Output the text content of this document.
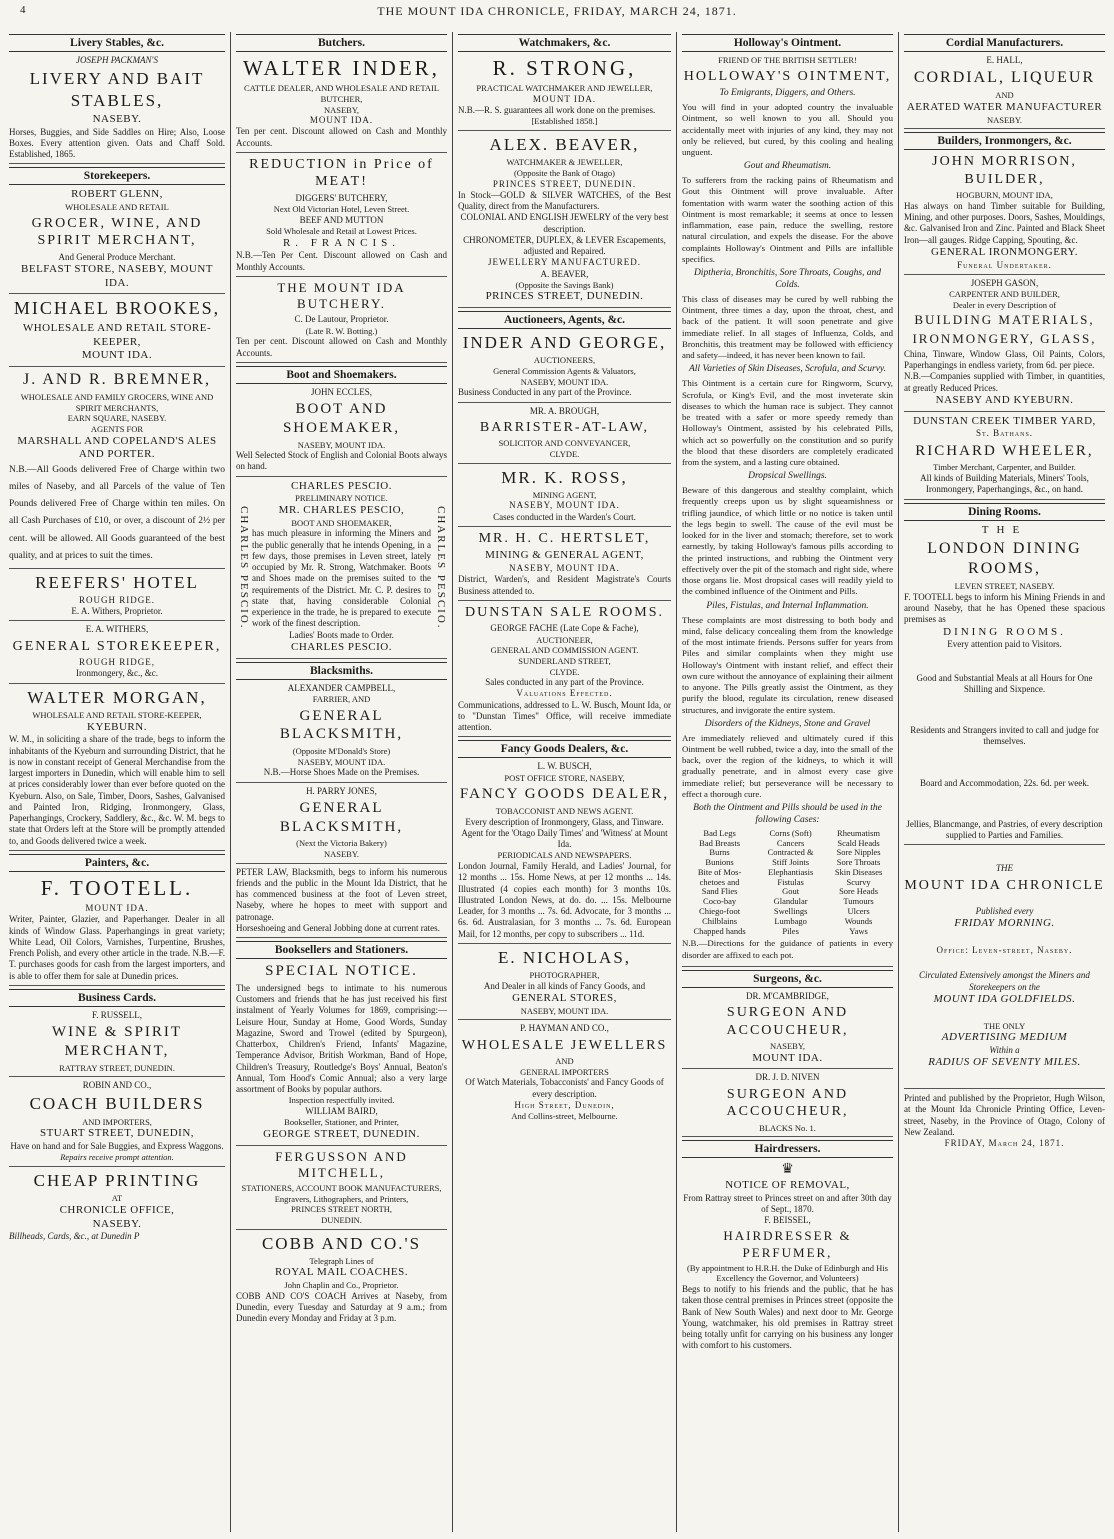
4	THE MOUNT IDA CHRONICLE, FRIDAY, MARCH 24, 1871.
Livery Stables, &c.
JOSEPH PACKMAN'S
LIVERY AND BAIT STABLES,
NASEBY.
Horses, Buggies, and Side Saddles on Hire; Also, Loose Boxes. Every attention given. Oats and Chaff Sold. Established, 1865.
Storekeepers.
ROBERT GLENN,
WHOLESALE AND RETAIL
GROCER, WINE, AND SPIRIT MERCHANT,
And General Produce Merchant.
BELFAST STORE, NASEBY, MOUNT IDA.
MICHAEL BROOKES,
WHOLESALE AND RETAIL STORE-KEEPER,
MOUNT IDA.
J. AND R. BREMNER,
WHOLESALE AND FAMILY GROCERS, WINE AND SPIRIT MERCHANTS,
EARN SQUARE, NASEBY.
AGENTS FOR
MARSHALL AND COPELAND'S ALES AND PORTER.
N.B.—All Goods delivered Free of Charge within two miles of Naseby, and all Parcels of the value of Ten Pounds delivered Free of Charge within ten miles. On all Cash Purchases of £10, or over, a discount of 2½ per cent. will be allowed. All Goods guaranteed of the best quality, and at prices to suit the times.
REEFERS' HOTEL
ROUGH RIDGE.
E. A. Withers, Proprietor.
E. A. WITHERS,
GENERAL STOREKEEPER,
ROUGH RIDGE,
Ironmongery, &c., &c.
WALTER MORGAN,
WHOLESALE AND RETAIL STORE-KEEPER,
KYEBURN.
W. M., in soliciting a share of the trade, begs to inform the inhabitants of the Kyeburn and surrounding District, that he is now in constant receipt of General Merchandise from the largest importers in Dunedin, which will enable him to sell at prices considerably lower than ever before quoted on the Kyeburn. Also, on Sale, Timber, Doors, Sashes, Galvanised and Painted Iron, Ridging, Ironmongery, Glass, Paperhangings, Crockery, Saddlery, &c., &c. W. M. begs to state that Orders left at the Store will be promptly attended to, and Goods delivered twice a week.
Painters, &c.
F. TOOTELL.
MOUNT IDA.
Writer, Painter, Glazier, and Paperhanger. Dealer in all kinds of Window Glass. Paperhangings in great variety; White Lead, Oil Colors, Varnishes, Turpentine, Brushes, French Polish, and every other article in the trade. N.B.—F. T. purchases goods for cash from the largest importers, and is able to offer them for sale at Dunedin prices.
Business Cards.
F. RUSSELL,
WINE & SPIRIT MERCHANT,
RATTRAY STREET, DUNEDIN.
ROBIN AND CO.,
COACH BUILDERS
AND IMPORTERS,
STUART STREET, DUNEDIN,
Have on hand and for Sale Buggies, and Express Waggons.
Repairs receive prompt attention.
CHEAP PRINTING
AT
CHRONICLE OFFICE,
NASEBY.
Billheads, Cards, &c., at Dunedin P
Butchers.
WALTER INDER,
CATTLE DEALER, AND WHOLESALE AND RETAIL BUTCHER,
NASEBY,
MOUNT IDA.
Ten per cent. Discount allowed on Cash and Monthly Accounts.
REDUCTION in Price of MEAT!
DIGGERS' BUTCHERY,
Next Old Victorian Hotel, Leven Street.
BEEF AND MUTTON
Sold Wholesale and Retail at Lowest Prices.
R. FRANCIS.
N.B.—Ten Per Cent. Discount allowed on Cash and Monthly Accounts.
THE MOUNT IDA BUTCHERY.
C. De Lautour, Proprietor.
(Late R. W. Botting.)
Ten per cent. Discount allowed on Cash and Monthly Accounts.
Boot and Shoemakers.
JOHN ECCLES,
BOOT AND SHOEMAKER,
NASEBY, MOUNT IDA.
Well Selected Stock of English and Colonial Boots always on hand.
CHARLES PESCIO.
PRELIMINARY NOTICE.
CHARLES PESCIO.	CHARLES PESCIO.
MR. CHARLES PESCIO,
BOOT AND SHOEMAKER,
has much pleasure in informing the Miners and the public generally that he intends Opening, in a few days, those premises in Leven street, lately occupied by Mr. R. Strong, Watchmaker. Boots and Shoes made on the premises suited to the requirements of the District. Mr. C. P. desires to state that, having considerable Colonial experience in the trade, he is prepared to execute work of the finest description.
Ladies' Boots made to Order.
CHARLES PESCIO.
Blacksmiths.
ALEXANDER CAMPBELL,
FARRIER, AND
GENERAL BLACKSMITH,
(Opposite M'Donald's Store)
NASEBY, MOUNT IDA.
N.B.—Horse Shoes Made on the Premises.
H. PARRY JONES,
GENERAL BLACKSMITH,
(Next the Victoria Bakery)
NASEBY.
PETER LAW, Blacksmith, begs to inform his numerous friends and the public in the Mount Ida District, that he has commenced business at the foot of Leven street, Naseby, where he hopes to meet with support and patronage.
Horseshoeing and General Jobbing done at current rates.
Booksellers and Stationers.
SPECIAL NOTICE.
The undersigned begs to intimate to his numerous Customers and friends that he has just received his first instalment of Yearly Volumes for 1869, comprising:—Leisure Hour, Sunday at Home, Good Words, Sunday Magazine, Sword and Trowel (edited by Spurgeon), Chatterbox, Children's Friend, Infants' Magazine, Temperance Advisor, British Workman, Band of Hope, Children's Treasury, Routledge's Boys' Annual, Beaton's Annual, Tom Hood's Comic Annual; also a very large assortment of Books by popular authors.
Inspection respectfully invited.
WILLIAM BAIRD,
Bookseller, Stationer, and Printer,
GEORGE STREET, DUNEDIN.
FERGUSSON AND MITCHELL,
STATIONERS, ACCOUNT BOOK MANUFACTURERS,
Engravers, Lithographers, and Printers,
PRINCES STREET NORTH,
DUNEDIN.
COBB AND CO.'S
Telegraph Lines of
ROYAL MAIL COACHES.
John Chaplin and Co., Proprietor.
COBB AND CO'S COACH Arrives at Naseby, from Dunedin, every Tuesday and Saturday at 9 a.m.; from Dunedin every Monday and Friday at 3 p.m.
Watchmakers, &c.
R. STRONG,
PRACTICAL WATCHMAKER AND JEWELLER,
MOUNT IDA.
N.B.—R. S. guarantees all work done on the premises.
[Established 1858.]
ALEX. BEAVER,
WATCHMAKER & JEWELLER,
(Opposite the Bank of Otago)
PRINCES STREET, DUNEDIN.
In Stock—GOLD & SILVER WATCHES, of the Best Quality, direct from the Manufacturers.
COLONIAL AND ENGLISH JEWELRY of the very best description.
CHRONOMETER, DUPLEX, & LEVER Escapements, adjusted and Repaired.
JEWELLERY MANUFACTURED.
A. BEAVER,
(Opposite the Savings Bank)
PRINCES STREET, DUNEDIN.
Auctioneers, Agents, &c.
INDER AND GEORGE,
AUCTIONEERS,
General Commission Agents & Valuators,
NASEBY, MOUNT IDA.
Business Conducted in any part of the Province.
MR. A. BROUGH,
BARRISTER-AT-LAW,
SOLICITOR AND CONVEYANCER,
CLYDE.
MR. K. ROSS,
MINING AGENT,
NASEBY, MOUNT IDA.
Cases conducted in the Warden's Court.
MR. H. C. HERTSLET,
MINING & GENERAL AGENT,
NASEBY, MOUNT IDA.
District, Warden's, and Resident Magistrate's Courts Business attended to.
DUNSTAN SALE ROOMS.
GEORGE FACHE (Late Cope & Fache),
AUCTIONEER,
GENERAL AND COMMISSION AGENT.
SUNDERLAND STREET,
CLYDE.
Sales conducted in any part of the Province.
Valuations Effected.
Communications, addressed to L. W. Busch, Mount Ida, or to "Dunstan Times" Office, will receive immediate attention.
Fancy Goods Dealers, &c.
L. W. BUSCH,
POST OFFICE STORE, NASEBY,
FANCY GOODS DEALER,
TOBACCONIST AND NEWS AGENT.
Every description of Ironmongery, Glass, and Tinware.
Agent for the 'Otago Daily Times' and 'Witness' at Mount Ida.
PERIODICALS AND NEWSPAPERS.
London Journal, Family Herald, and Ladies' Journal, for 12 months ... 15s. Home News, at per 12 months ... 14s. Illustrated (4 copies each month) for 3 months 10s. Illustrated London News, at do. do. ... 15s. Melbourne Leader, for 3 months ... 7s. 6d. Advocate, for 3 months ... 6s. 6d. Australasian, for 3 months ... 7s. 6d. European Mail, for 12 months, per copy to subscribers ... 11d.
E. NICHOLAS,
PHOTOGRAPHER,
And Dealer in all kinds of Fancy Goods, and
GENERAL STORES,
NASEBY, MOUNT IDA.
P. HAYMAN AND CO.,
WHOLESALE JEWELLERS
AND
GENERAL IMPORTERS
Of Watch Materials, Tobacconists' and Fancy Goods of every description.
High Street, Dunedin,
And Collins-street, Melbourne.
Holloway's Ointment.
FRIEND OF THE BRITISH SETTLER!
HOLLOWAY'S OINTMENT,
To Emigrants, Diggers, and Others.
You will find in your adopted country the invaluable Ointment, so well known to you all. Should you accidentally meet with injuries of any kind, they may not only be relieved, but cured, by this cooling and healing unguent.
Gout and Rheumatism.
To sufferers from the racking pains of Rheumatism and Gout this Ointment will prove invaluable. After fomentation with warm water the soothing action of this Ointment is most remarkable; it seems at once to lessen inflammation, ease pain, reduce the swelling, restore natural circulation, and expels the disease. For the above complaints Holloway's Ointment and Pills are infallible specifics.
Diptheria, Bronchitis, Sore Throats, Coughs, and Colds.
This class of diseases may be cured by well rubbing the Ointment, three times a day, upon the throat, chest, and back of the patient. It will soon penetrate and give immediate relief. In all stages of Influenza, Colds, and Bronchitis, this treatment may be followed with efficiency and safety—indeed, it has never been known to fail.
All Varieties of Skin Diseases, Scrofula, and Scurvy.
This Ointment is a certain cure for Ringworm, Scurvy, Scrofula, or King's Evil, and the most inveterate skin diseases to which the human race is subject. They cannot be treated with a safer or more speedy remedy than Holloway's Ointment, assisted by his celebrated Pills, which act so powerfully on the constitution and so purify the blood that these disorders are completely eradicated from the system, and a lasting cure obtained.
Dropsical Swellings.
Beware of this dangerous and stealthy complaint, which frequently creeps upon us by slight squeamishness or trifling jaundice, of which little or no notice is taken until the legs begin to swell. The cause of the evil must be looked for in the liver and stomach; therefore, set to work earnestly, by taking Holloway's famous pills according to the printed instructions, and rubbing the Ointment very effectively over the pit of the stomach and right side, where those organs lie. Most dropsical cases will readily yield to the combined influence of the Ointment and Pills.
Piles, Fistulas, and Internal Inflammation.
These complaints are most distressing to both body and mind, false delicacy concealing them from the knowledge of the most intimate friends. Persons suffer for years from Piles and similar complaints when they might use Holloway's Ointment with instant relief, and effect their own cure without the annoyance of explaining their ailment to anyone. The Pills greatly assist the Ointment, as they purify the blood, regulate its circulation, renew diseased structures, and invigorate the entire system.
Disorders of the Kidneys, Stone and Gravel
Are immediately relieved and ultimately cured if this Ointment be well rubbed, twice a day, into the small of the back, over the region of the kidneys, to which it will gradually penetrate, and in almost every case give immediate relief; but perseverance will be necessary to effect a thorough cure.
Both the Ointment and Pills should be used in the following Cases:
Bad Legs	Corns (Soft)	Rheumatism
Bad Breasts	Cancers	Scald Heads
Burns	Contracted &	Sore Nipples
Bunions	Stiff Joints	Sore Throats
Bite of Mos-	Elephantiasis	Skin Diseases
chetoes and	Fistulas	Scurvy
Sand Flies	Gout	Sore Heads
Coco-bay	Glandular	Tumours
Chiego-foot	Swellings	Ulcers
Chilblains	Lumbago	Wounds
Chapped hands	Piles	Yaws
N.B.—Directions for the guidance of patients in every disorder are affixed to each pot.
Surgeons, &c.
DR. M'CAMBRIDGE,
SURGEON AND ACCOUCHEUR,
NASEBY,
MOUNT IDA.
DR. J. D. NIVEN
SURGEON AND ACCOUCHEUR,
BLACKS No. 1.
Hairdressers.
♛
NOTICE OF REMOVAL,
From Rattray street to Princes street on and after 30th day of Sept., 1870.
F. BEISSEL,
HAIRDRESSER & PERFUMER,
(By appointment to H.R.H. the Duke of Edinburgh and His Excellency the Governor, and Volunteers)
Begs to notify to his friends and the public, that he has taken those central premises in Princes street (opposite the Bank of New South Wales) and next door to Mr. George Young, watchmaker, his old premises in Rattray street being totally unfit for carrying on his business any longer with comfort to his customers.
Cordial Manufacturers.
E. HALL,
CORDIAL, LIQUEUR
AND
AERATED WATER MANUFACTURER
NASEBY.
Builders, Ironmongers, &c.
JOHN MORRISON, BUILDER,
HOGBURN, MOUNT IDA,
Has always on hand Timber suitable for Building, Mining, and other purposes. Doors, Sashes, Mouldings, &c. Galvanised Iron and Zinc. Painted and Black Sheet Iron—all gauges. Ridge Capping, Spouting, &c.
GENERAL IRONMONGERY.
Funeral Undertaker.
JOSEPH GASON,
CARPENTER AND BUILDER,
Dealer in every Description of
BUILDING MATERIALS,
IRONMONGERY, GLASS,
China, Tinware, Window Glass, Oil Paints, Colors, Paperhangings in endless variety, from 6d. per piece.
N.B.—Companies supplied with Timber, in quantities, at greatly Reduced Prices.
NASEBY AND KYEBURN.
DUNSTAN CREEK TIMBER YARD,
St. Bathans.
RICHARD WHEELER,
Timber Merchant, Carpenter, and Builder.
All kinds of Building Materials, Miners' Tools, Ironmongery, Paperhangings, &c., on hand.
Dining Rooms.
THE
LONDON DINING ROOMS,
LEVEN STREET, NASEBY.
F. TOOTELL begs to inform his Mining Friends in and around Naseby, that he has Opened these spacious premises as
DINING ROOMS.
Every attention paid to Visitors.
Good and Substantial Meals at all Hours for One Shilling and Sixpence.
Residents and Strangers invited to call and judge for themselves.
Board and Accommodation, 22s. 6d. per week.
Jellies, Blancmange, and Pastries, of every description supplied to Parties and Families.
THE
MOUNT IDA CHRONICLE
Published every
FRIDAY MORNING.
Office: Leven-street, Naseby.
Circulated Extensively amongst the Miners and Storekeepers on the
MOUNT IDA GOLDFIELDS.
THE ONLY
ADVERTISING MEDIUM
Within a
RADIUS OF SEVENTY MILES.
Printed and published by the Proprietor, Hugh Wilson, at the Mount Ida Chronicle Printing Office, Leven-street, Naseby, in the Province of Otago, Colony of New Zealand.
FRIDAY, March 24, 1871.
